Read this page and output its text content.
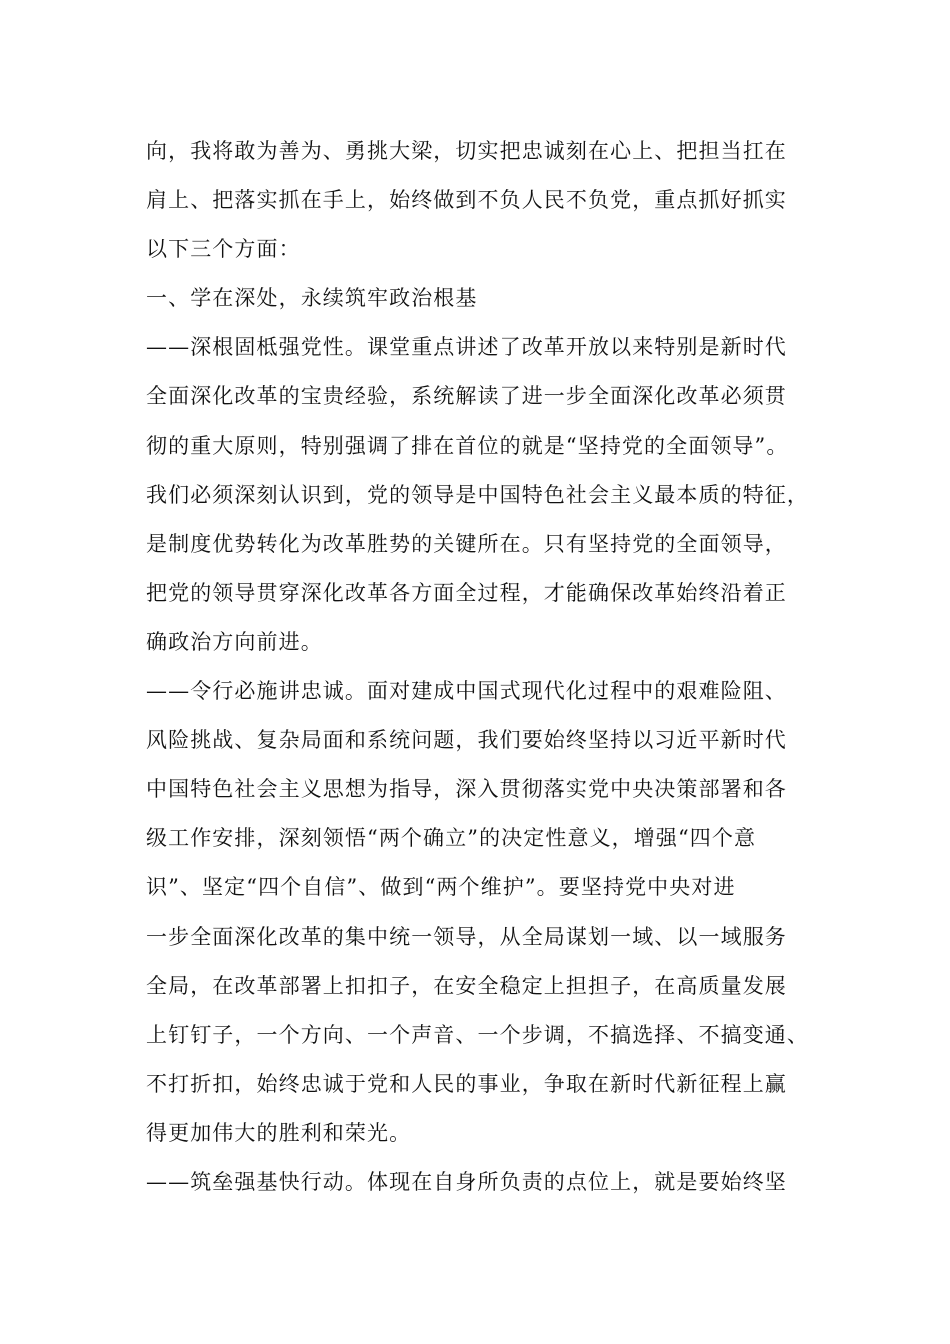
向，我将敢为善为、勇挑大梁，切实把忠诚刻在心上、把担当扛在
肩上、把落实抓在手上，始终做到不负人民不负党，重点抓好抓实
以下三个方面：
一、学在深处，永续筑牢政治根基
——深根固柢强党性。课堂重点讲述了改革开放以来特别是新时代
全面深化改革的宝贵经验，系统解读了进一步全面深化改革必须贯
彻的重大原则，特别强调了排在首位的就是“坚持党的全面领导”。
我们必须深刻认识到，党的领导是中国特色社会主义最本质的特征，
是制度优势转化为改革胜势的关键所在。只有坚持党的全面领导，
把党的领导贯穿深化改革各方面全过程，才能确保改革始终沿着正
确政治方向前进。
——令行必施讲忠诚。面对建成中国式现代化过程中的艰难险阻、
风险挑战、复杂局面和系统问题，我们要始终坚持以习近平新时代
中国特色社会主义思想为指导，深入贯彻落实党中央决策部署和各
级工作安排，深刻领悟“两个确立”的决定性意义，增强“四个意
识”、坚定“四个自信”、做到“两个维护”。要坚持党中央对进
一步全面深化改革的集中统一领导，从全局谋划一域、以一域服务
全局，在改革部署上扣扣子，在安全稳定上担担子，在高质量发展
上钉钉子，一个方向、一个声音、一个步调，不搞选择、不搞变通、
不打折扣，始终忠诚于党和人民的事业，争取在新时代新征程上赢
得更加伟大的胜利和荣光。
——筑垒强基快行动。体现在自身所负责的点位上，就是要始终坚
